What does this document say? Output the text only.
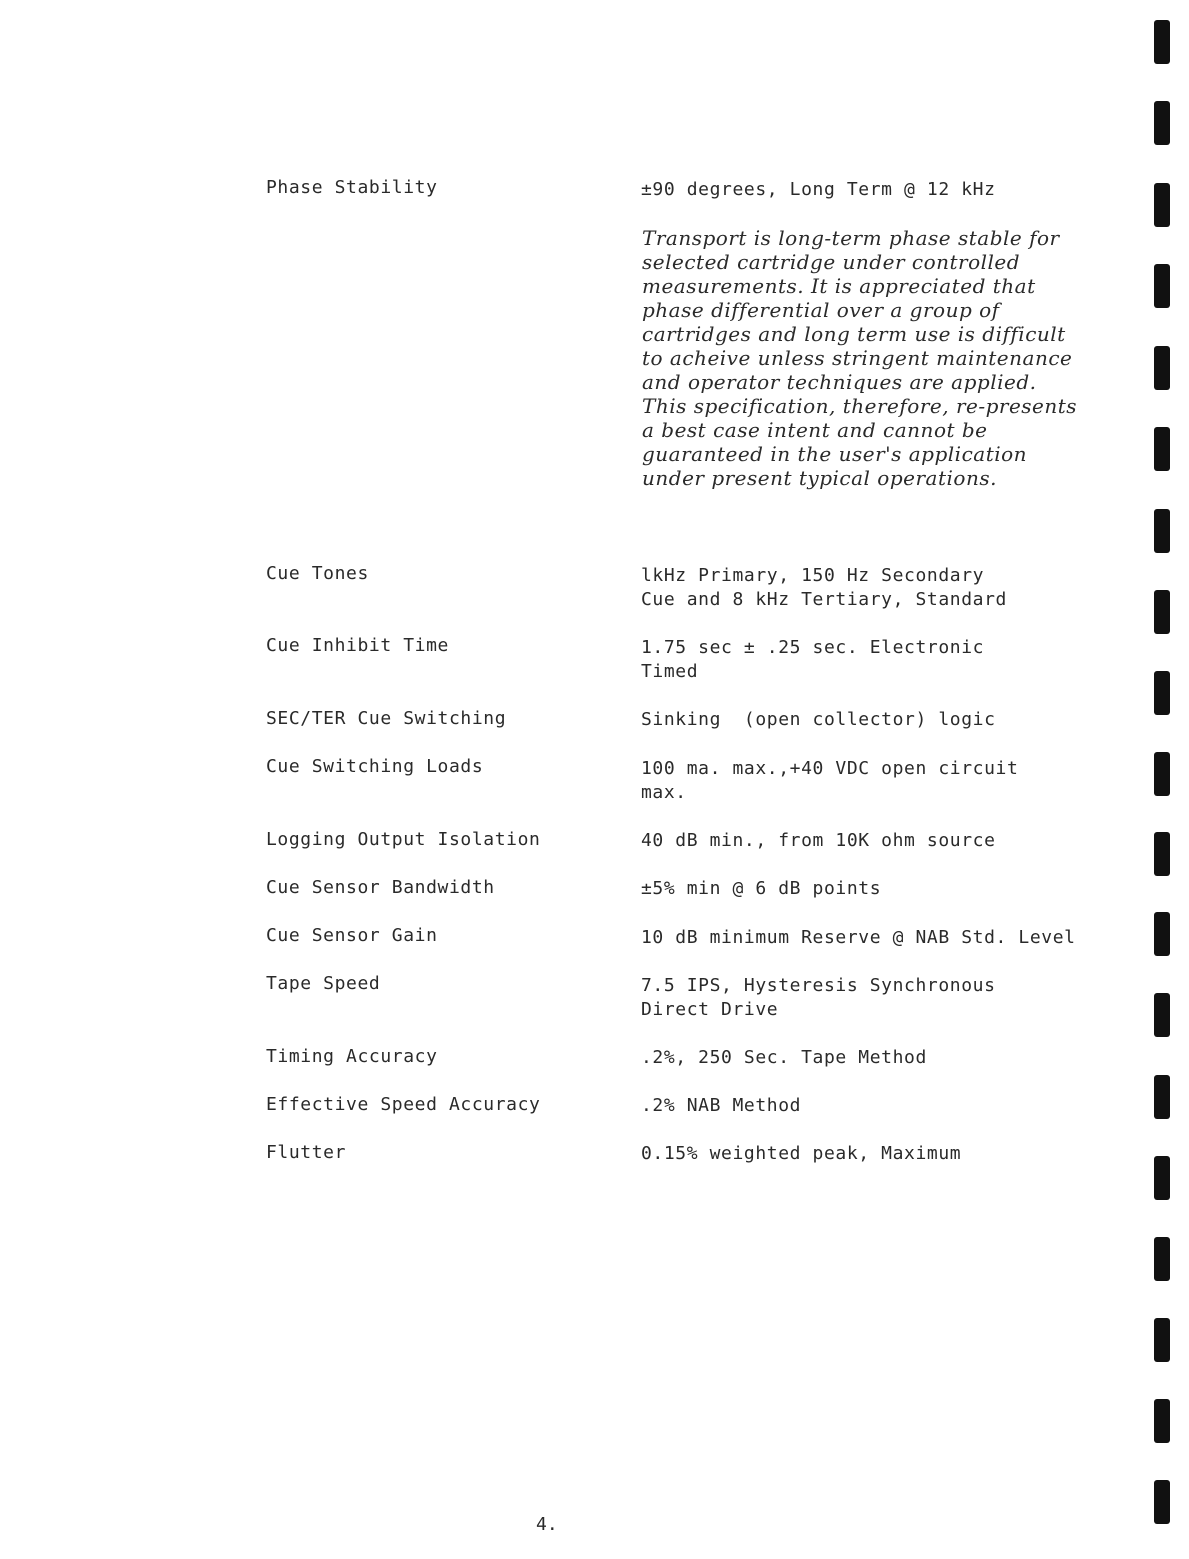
Phase Stability	±90 degrees, Long Term @ 12 kHz

Transport is long-term phase stable for selected cartridge under controlled measurements. It is appreciated that phase differential over a group of cartridges and long term use is difficult to acheive unless stringent maintenance and operator techniques are applied. This specification, therefore, re-presents a best case intent and cannot be guaranteed in the user's application under present typical operations.

Cue Tones	lkHz Primary, 150 Hz Secondary
Cue and 8 kHz Tertiary, Standard
Cue Inhibit Time	1.75 sec ± .25 sec. Electronic
Timed
SEC/TER Cue Switching	Sinking  (open collector) logic
Cue Switching Loads	100 ma. max.,+40 VDC open circuit
max.
Logging Output Isolation	40 dB min., from 10K ohm source
Cue Sensor Bandwidth	±5% min @ 6 dB points
Cue Sensor Gain	10 dB minimum Reserve @ NAB Std. Level
Tape Speed	7.5 IPS, Hysteresis Synchronous
Direct Drive
Timing Accuracy	.2%, 250 Sec. Tape Method
Effective Speed Accuracy	.2% NAB Method
Flutter	0.15% weighted peak, Maximum
4.
